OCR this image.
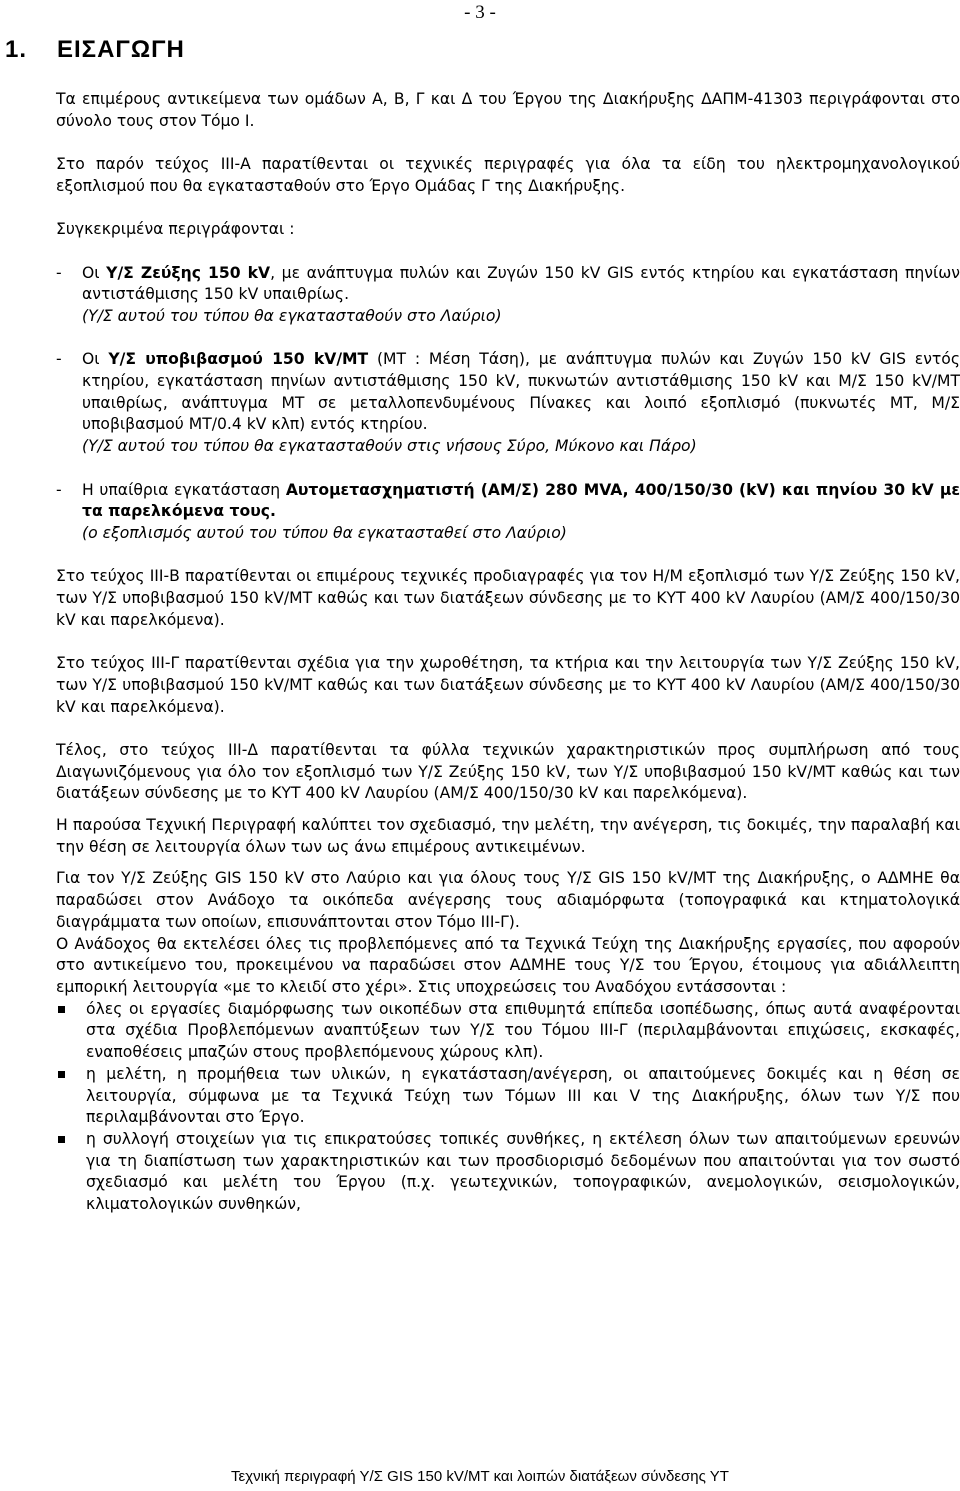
- 3 -
1. ΕΙΣΑΓΩΓΗ

Τα επιμέρους αντικείμενα των ομάδων Α, Β, Γ και Δ του Έργου της Διακήρυξης ΔΑΠΜ-41303 περιγράφονται στο σύνολο τους στον Τόμο Ι.

Στο παρόν τεύχος ΙΙΙ-Α παρατίθενται οι τεχνικές περιγραφές για όλα τα είδη του ηλεκτρομηχανολογικού εξοπλισμού που θα εγκατασταθούν στο Έργο Ομάδας Γ της Διακήρυξης.

Συγκεκριμένα περιγράφονται :

-	Οι Υ/Σ Ζεύξης 150 kV, με ανάπτυγμα πυλών και Ζυγών 150 kV GIS εντός κτηρίου και εγκατάσταση πηνίων αντιστάθμισης 150 kV υπαιθρίως.
(Υ/Σ αυτού του τύπου θα εγκατασταθούν στο Λαύριο)
-	Οι Υ/Σ υποβιβασμού 150 kV/MT (ΜΤ : Μέση Τάση), με ανάπτυγμα πυλών και Ζυγών 150 kV GIS εντός κτηρίου, εγκατάσταση πηνίων αντιστάθμισης 150 kV, πυκνωτών αντιστάθμισης 150 kV και Μ/Σ 150 kV/MT υπαιθρίως, ανάπτυγμα ΜΤ σε μεταλλοπενδυμένους Πίνακες και λοιπό εξοπλισμό (πυκνωτές ΜΤ, Μ/Σ υποβιβασμού ΜΤ/0.4 kV κλπ) εντός κτηρίου.
(Υ/Σ αυτού του τύπου θα εγκατασταθούν στις νήσους Σύρο, Μύκονο και Πάρο)
-	Η υπαίθρια εγκατάσταση Αυτομετασχηματιστή (ΑΜ/Σ) 280 MVA, 400/150/30 (kV) και πηνίου 30 kV με τα παρελκόμενα τους.
(ο εξοπλισμός αυτού του τύπου θα εγκατασταθεί στο Λαύριο)

Στο τεύχος ΙΙΙ-Β παρατίθενται οι επιμέρους τεχνικές προδιαγραφές για τον Η/Μ εξοπλισμό των Υ/Σ Ζεύξης 150 kV, των Υ/Σ υποβιβασμού 150 kV/MT καθώς και των διατάξεων σύνδεσης με το ΚΥΤ 400 kV Λαυρίου (ΑΜ/Σ 400/150/30 kV και παρελκόμενα).

Στο τεύχος ΙΙΙ-Γ παρατίθενται σχέδια για την χωροθέτηση, τα κτήρια και την λειτουργία των Υ/Σ Ζεύξης 150 kV, των Υ/Σ υποβιβασμού 150 kV/MT καθώς και των διατάξεων σύνδεσης με το ΚΥΤ 400 kV Λαυρίου (ΑΜ/Σ 400/150/30 kV και παρελκόμενα).

Τέλος, στο τεύχος ΙΙΙ-Δ παρατίθενται τα φύλλα τεχνικών χαρακτηριστικών προς συμπλήρωση από τους Διαγωνιζόμενους για όλο τον εξοπλισμό των Υ/Σ Ζεύξης 150 kV, των Υ/Σ υποβιβασμού 150 kV/MT καθώς και των διατάξεων σύνδεσης με το ΚΥΤ 400 kV Λαυρίου (ΑΜ/Σ 400/150/30 kV και παρελκόμενα).

Η παρούσα Τεχνική Περιγραφή καλύπτει τον σχεδιασμό, την μελέτη, την ανέγερση, τις δοκιμές, την παραλαβή και την θέση σε λειτουργία όλων των ως άνω επιμέρους αντικειμένων.

Για τον Υ/Σ Ζεύξης GIS 150 kV στο Λαύριο και για όλους τους Υ/Σ GIS 150 kV/MT της Διακήρυξης, ο ΑΔΜΗΕ θα παραδώσει στον Ανάδοχο τα οικόπεδα ανέγερσης τους αδιαμόρφωτα (τοπογραφικά και κτηματολογικά διαγράμματα των οποίων, επισυνάπτονται στον Τόμο ΙΙΙ-Γ).

Ο Ανάδοχος θα εκτελέσει όλες τις προβλεπόμενες από τα Τεχνικά Τεύχη της Διακήρυξης εργασίες, που αφορούν στο αντικείμενο του, προκειμένου να παραδώσει στον ΑΔΜΗΕ τους Υ/Σ του Έργου, έτοιμους για αδιάλλειπτη εμπορική λειτουργία «με το κλειδί στο χέρι». Στις υποχρεώσεις του Αναδόχου εντάσσονται :

όλες οι εργασίες διαμόρφωσης των οικοπέδων στα επιθυμητά επίπεδα ισοπέδωσης, όπως αυτά αναφέρονται στα σχέδια Προβλεπόμενων αναπτύξεων των Υ/Σ του Τόμου ΙΙΙ-Γ (περιλαμβάνονται επιχώσεις, εκσκαφές, εναποθέσεις μπαζών στους προβλεπόμενους χώρους κλπ).
η μελέτη, η προμήθεια των υλικών, η εγκατάσταση/ανέγερση, οι απαιτούμενες δοκιμές και η θέση σε λειτουργία, σύμφωνα με τα Τεχνικά Τεύχη των Τόμων ΙΙΙ και V της Διακήρυξης, όλων των Υ/Σ που περιλαμβάνονται στο Έργο.
η συλλογή στοιχείων για τις επικρατούσες τοπικές συνθήκες, η εκτέλεση όλων των απαιτούμενων ερευνών για τη διαπίστωση των χαρακτηριστικών και των προσδιορισμό δεδομένων που απαιτούνται για τον σωστό σχεδιασμό και μελέτη του Έργου (π.χ. γεωτεχνικών, τοπογραφικών, ανεμολογικών, σεισμολογικών, κλιματολογικών συνθηκών,
Τεχνική περιγραφή Υ/Σ GIS 150 kV/MT και λοιπών διατάξεων σύνδεσης ΥΤ
